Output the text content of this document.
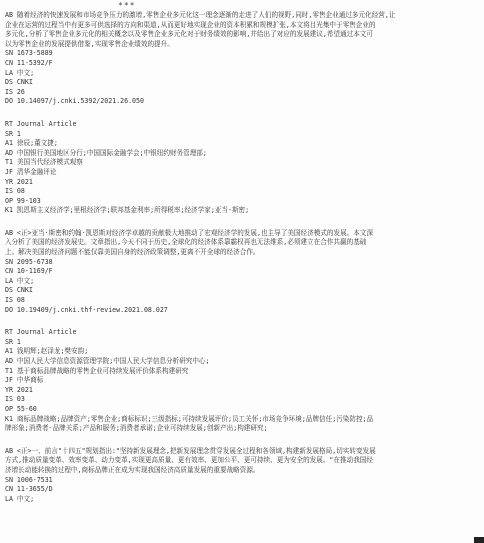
***
AB 随着经济的快速发展和市场竞争压力的激增,零售企业多元化这一理念逐渐的走进了人们的视野,同时,零售企业通过多元化经营,让
企业在运营的过程当中有更多可供选择的方向和渠道,从而更好地实现企业的资本积累和规模扩张,本文将目光集中于零售企业的
多元化,分析了零售企业多元化的相关概念以及零售企业多元化对于财务绩效的影响,并给出了对应的发展建议,希望通过本文可
以为零售企业的发展提供借鉴,实现零售企业绩效的提升。
SN 1673-5889
CN 11-5392/F
LA 中文;
DS CNKI
IS 26
DO 10.14097/j.cnki.5392/2021.26.050
RT Journal Article
SR 1
A1 徐辰;董文捷;
AD 中国银行美国地区分行;中国国际金融学会;中银纽约财务管理部;
T1 美国当代经济模式观察
JF 清华金融评论
YR 2021
IS 08
OP 99-103
K1 凯恩斯主义经济学;里根经济学;联邦基金利率;所得税率;经济学家;亚当·斯密;
AB <正>亚当·斯密和约翰·凯恩斯对经济学卓越的贡献极大地推动了宏观经济学的发展,也主导了美国经济模式的发展。本文深
入分析了美国的经济发展史。文章指出,今天不同于历史,全球化的经济体系靠霸权再也无法维系,必须建立在合作共赢的基础
上。解决美国的经济问题不能仅靠美国自身的经济政策调整,更离不开全球的经济合作。
SN 2095-6738
CN 10-1169/F
LA 中文;
DS CNKI
IS 08
DO 10.19409/j.cnki.thf-review.2021.08.027
RT Journal Article
SR 1
A1 钱明辉;赵泽龙;樊安韵;
AD 中国人民大学信息资源管理学院;中国人民大学信息分析研究中心;
T1 基于商标品牌战略的零售企业可持续发展评价体系构建研究
JF 中华商标
YR 2021
IS 03
OP 55-60
K1 商标品牌战略;品牌资产;零售企业;商标标识;三级指标;可持续发展评价;员工关怀;市场竞争环境;品牌信任;污染防控;品
牌形象;消费者-品牌关系;产品和服务;消费者承诺;企业可持续发展;创新产出;构建研究;
AB <正>一、前言"十四五"规划指出:"坚持新发展理念,把新发展理念贯穿发展全过程和各领域,构建新发展格局,切实转变发展
方式,推动质量变革、效率变革、动力变革,实现更高质量、更有效率、更加公平、更可持续、更为安全的发展。"在推动我国经
济增长动能转换的过程中,商标品牌正在成为实现我国经济高质量发展的重要战略资源。
SN 1006-7531
CN 11-3655/D
LA 中文;
